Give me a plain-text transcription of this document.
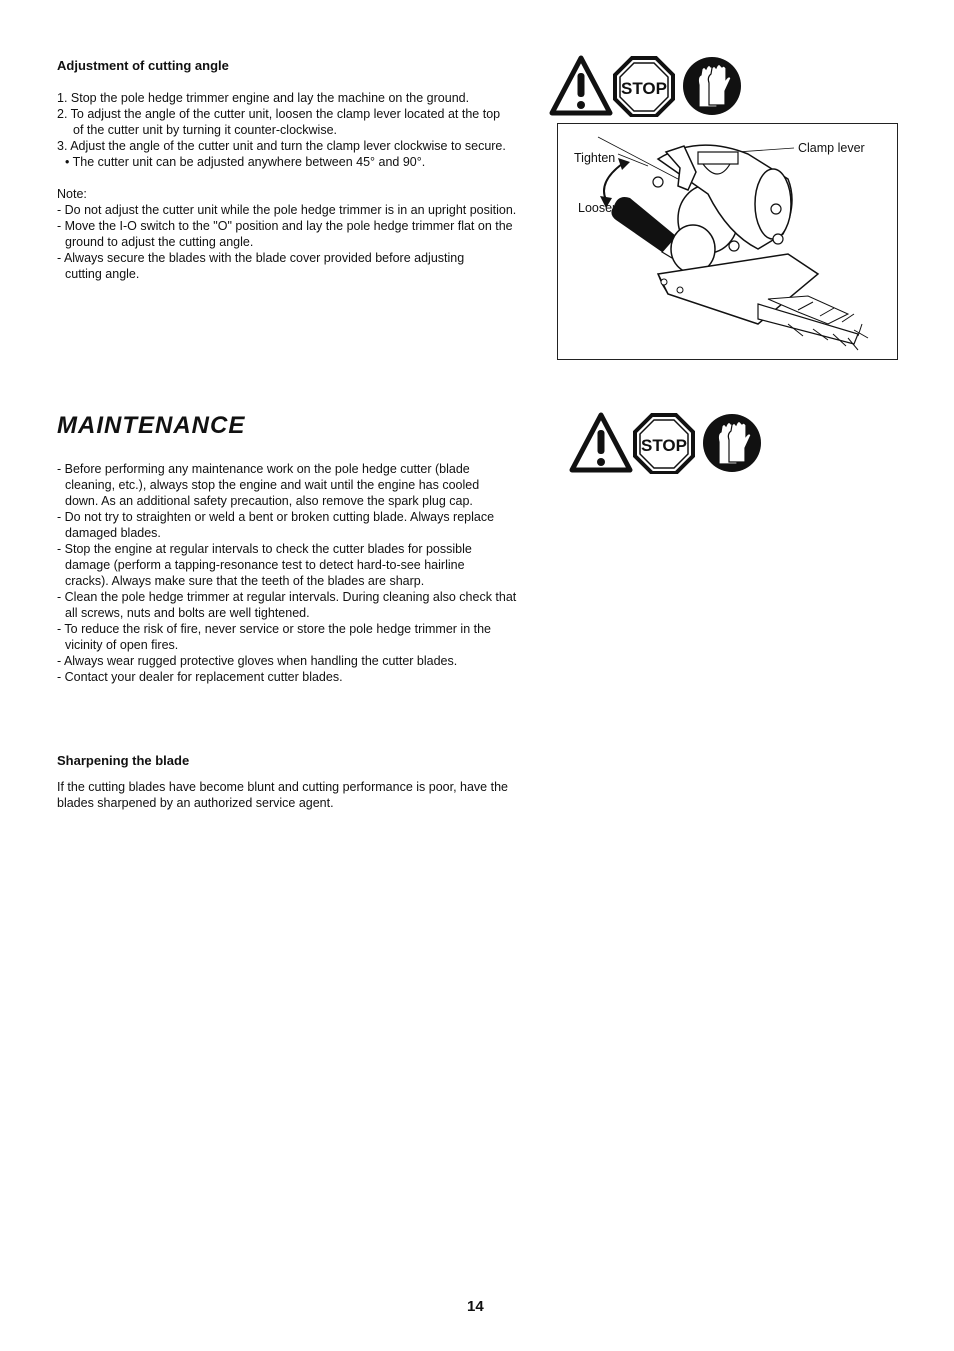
Adjustment of cutting angle
1. Stop the pole hedge trimmer engine and lay the machine on the ground.
2. To adjust the angle of the cutter unit, loosen the clamp lever located at the top
of the cutter unit by turning it counter-clockwise.
3. Adjust the angle of the cutter unit and turn the clamp lever clockwise to secure.
• The cutter unit can be adjusted anywhere between 45° and 90°.
Note:
- Do not adjust the cutter unit while the pole hedge trimmer is in an upright position.
- Move the I-O switch to the "O" position and lay the pole hedge trimmer flat on the
ground to adjust the cutting angle.
- Always secure the blades with the blade cover provided before adjusting
cutting angle.
STOP
Tighten
Loosen
Clamp lever
MAINTENANCE
STOP
- Before performing any maintenance work on the pole hedge cutter (blade
cleaning, etc.), always stop the engine and wait until the engine has cooled
down. As an additional safety precaution, also remove the spark plug cap.
- Do not try to straighten or weld a bent or broken cutting blade. Always replace
damaged blades.
- Stop the engine at regular intervals to check the cutter blades for possible
damage (perform a tapping-resonance test to detect hard-to-see hairline
cracks). Always make sure that the teeth of the blades are sharp.
- Clean the pole hedge trimmer at regular intervals. During cleaning also check that
all screws, nuts and bolts are well tightened.
- To reduce the risk of fire, never service or store the pole hedge trimmer in the
vicinity of open fires.
- Always wear rugged protective gloves when handling the cutter blades.
- Contact your dealer for replacement cutter blades.
Sharpening the blade
If the cutting blades have become blunt and cutting performance is poor, have the
blades sharpened by an authorized service agent.
14
